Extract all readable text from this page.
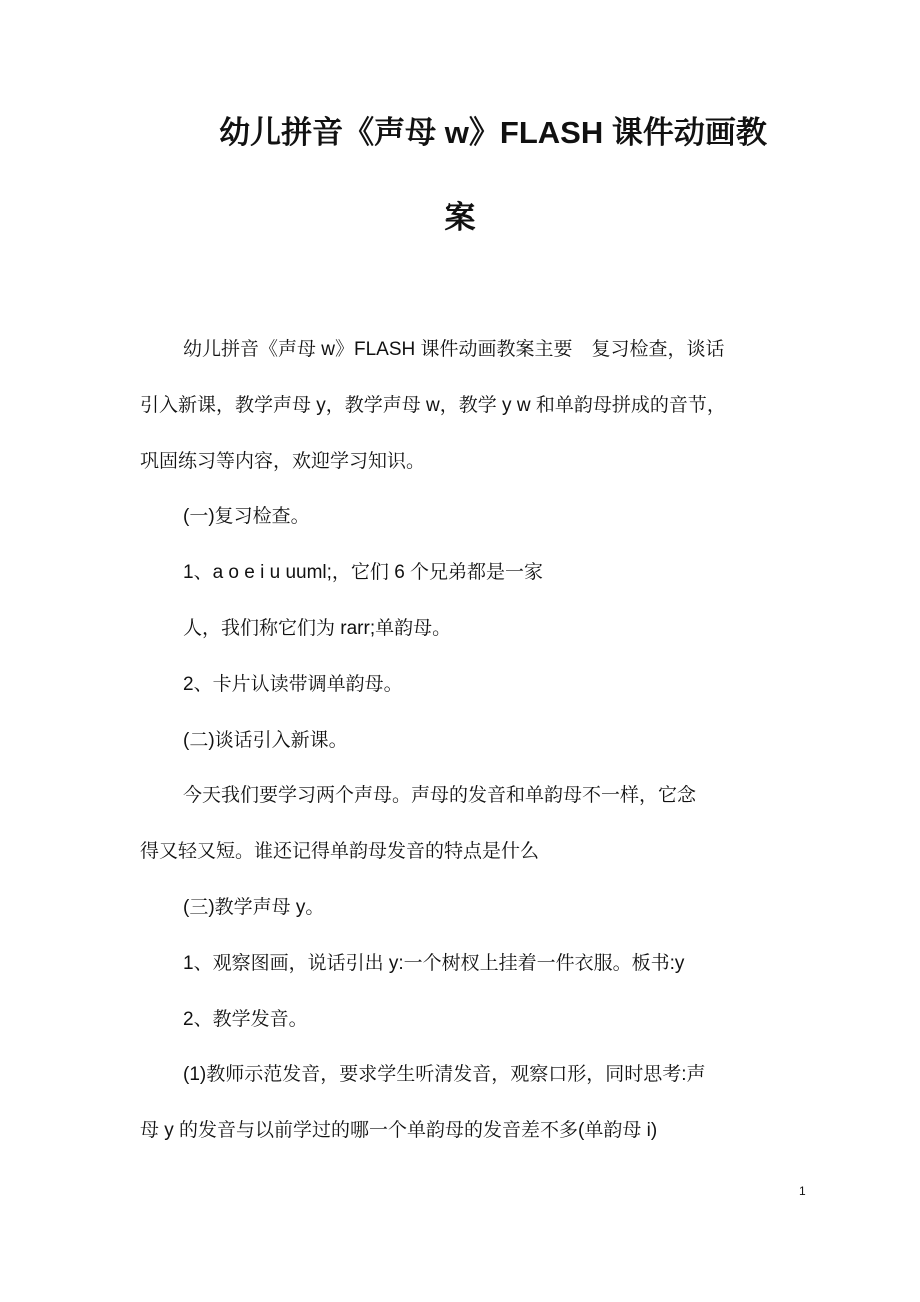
幼儿拼音《声母 w》FLASH 课件动画教
案
幼儿拼音《声母 w》FLASH 课件动画教案主要　复习检查，谈话
引入新课，教学声母 y，教学声母 w，教学 y w 和单韵母拼成的音节，
巩固练习等内容，欢迎学习知识。
(一)复习检查。
1、a o e i u uuml;，它们 6 个兄弟都是一家
人，我们称它们为 rarr;单韵母。
2、卡片认读带调单韵母。
(二)谈话引入新课。
今天我们要学习两个声母。声母的发音和单韵母不一样，它念
得又轻又短。谁还记得单韵母发音的特点是什么
(三)教学声母 y。
1、观察图画，说话引出 y:一个树杈上挂着一件衣服。板书:y
2、教学发音。
(1)教师示范发音，要求学生听清发音，观察口形，同时思考:声
母 y 的发音与以前学过的哪一个单韵母的发音差不多(单韵母 i)
1
